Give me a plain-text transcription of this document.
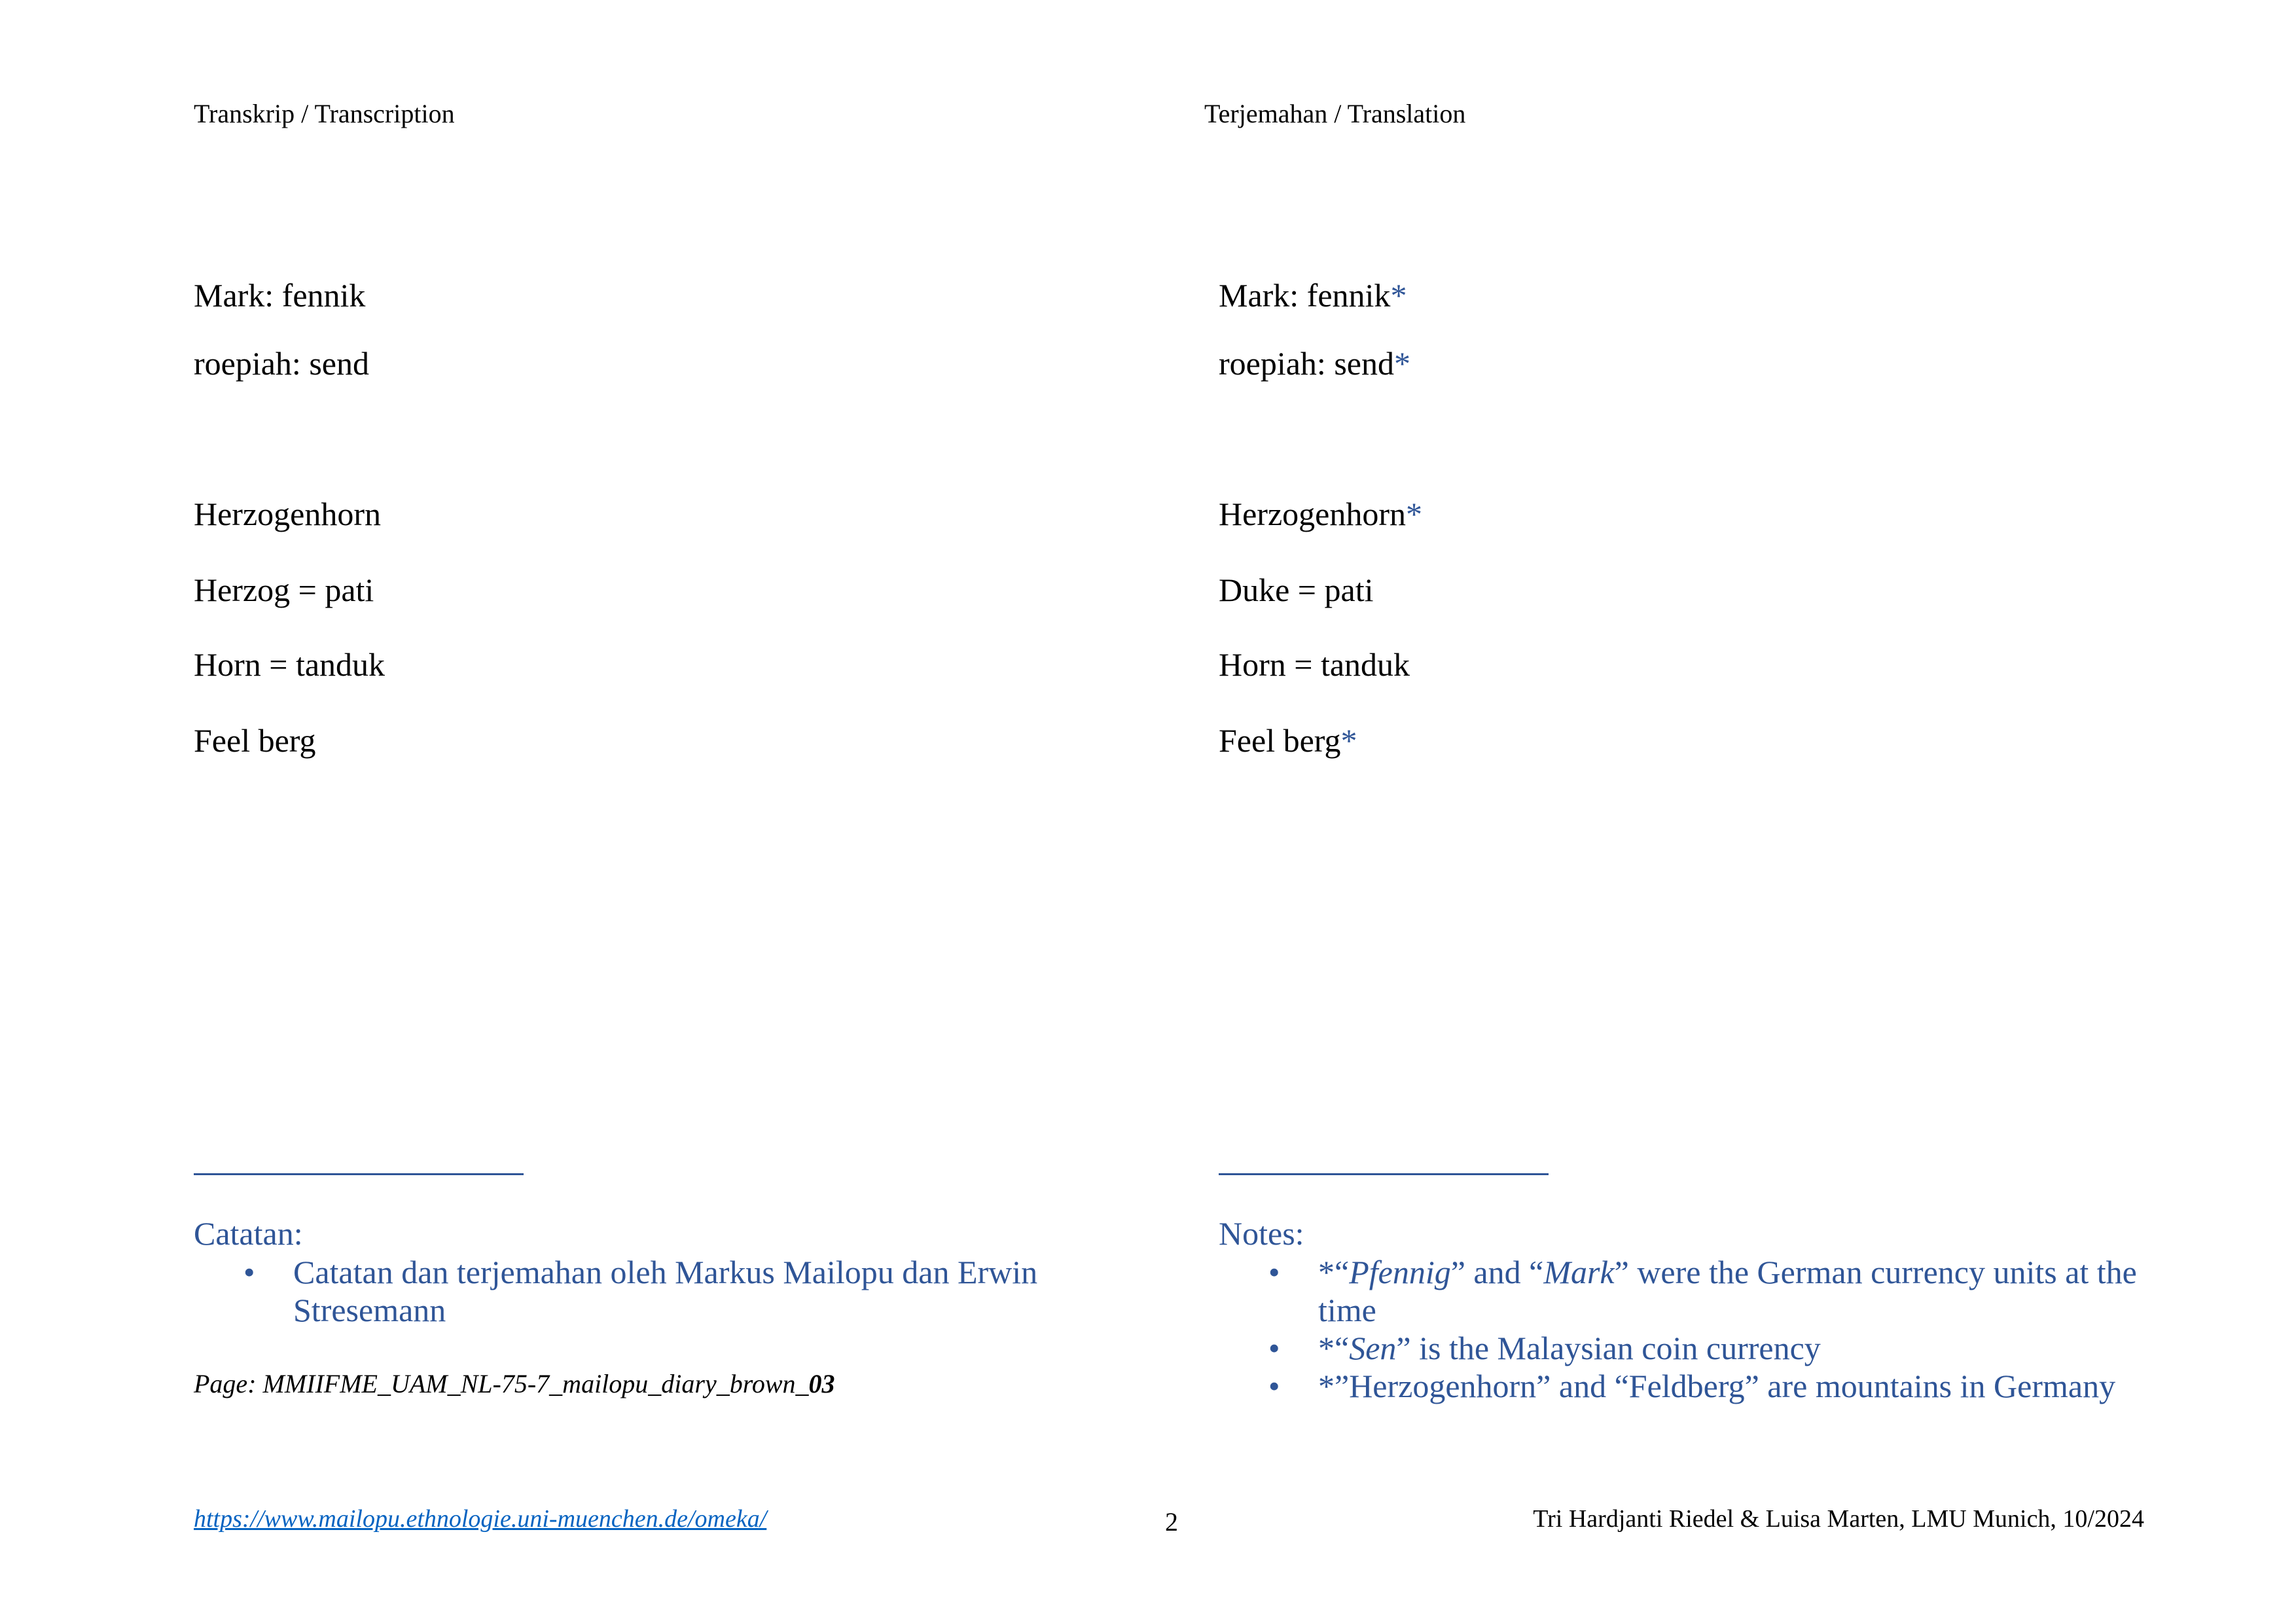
Transkrip / Transcription
Mark: fennik
roepiah: send
Herzogenhorn
Herzog = pati
Horn = tanduk
Feel berg
Catatan:
• Catatan dan terjemahan oleh Markus Mailopu dan Erwin Stresemann
Page: MMIIFME_UAM_NL-75-7_mailopu_diary_brown_03
Terjemahan / Translation
Mark: fennik*
roepiah: send*
Herzogenhorn*
Duke = pati
Horn = tanduk
Feel berg*
Notes:
• *“Pfennig” and “Mark” were the German currency units at the time
• *“Sen” is the Malaysian coin currency
• *”Herzogenhorn” and “Feldberg” are mountains in Germany
https://www.mailopu.ethnologie.uni-muenchen.de/omeka/	2	Tri Hardjanti Riedel & Luisa Marten, LMU Munich, 10/2024
